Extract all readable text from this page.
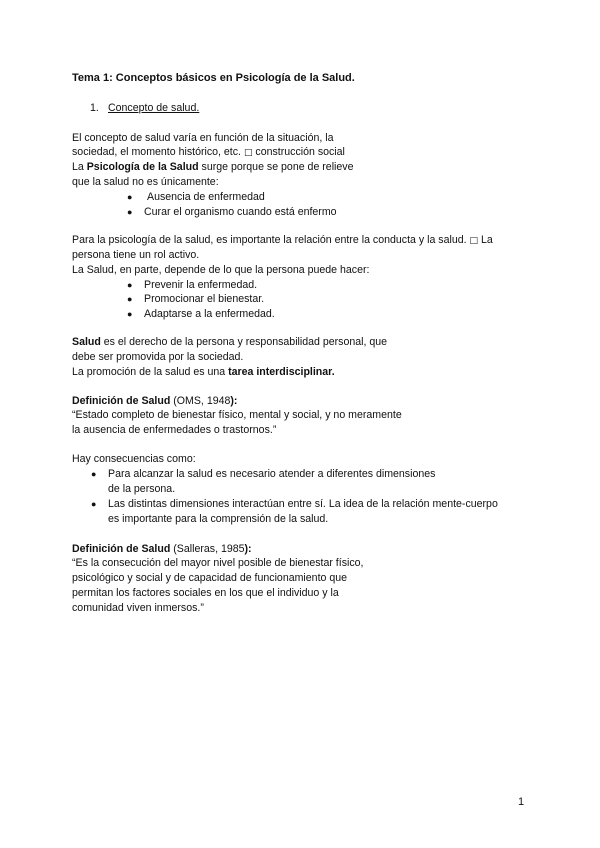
Tema 1: Conceptos básicos en Psicología de la Salud.
1. Concepto de salud.
El concepto de salud varía en función de la situación, la
sociedad, el momento histórico, etc. □ construcción social
La Psicología de la Salud surge porque se pone de relieve
que la salud no es únicamente:
● Ausencia de enfermedad
● Curar el organismo cuando está enfermo
Para la psicología de la salud, es importante la relación entre la conducta y la salud. □ La
persona tiene un rol activo.
La Salud, en parte, depende de lo que la persona puede hacer:
● Prevenir la enfermedad.
● Promocionar el bienestar.
● Adaptarse a la enfermedad.
Salud es el derecho de la persona y responsabilidad personal, que
debe ser promovida por la sociedad.
La promoción de la salud es una tarea interdisciplinar.
Definición de Salud (OMS, 1948):
“Estado completo de bienestar físico, mental y social, y no meramente
la ausencia de enfermedades o trastornos.”
Hay consecuencias como:
● Para alcanzar la salud es necesario atender a diferentes dimensiones
de la persona.
● Las distintas dimensiones interactúan entre sí. La idea de la relación mente-cuerpo
es importante para la comprensión de la salud.
Definición de Salud (Salleras, 1985):
“Es la consecución del mayor nivel posible de bienestar físico,
psicológico y social y de capacidad de funcionamiento que
permitan los factores sociales en los que el individuo y la
comunidad viven inmersos.”
1
